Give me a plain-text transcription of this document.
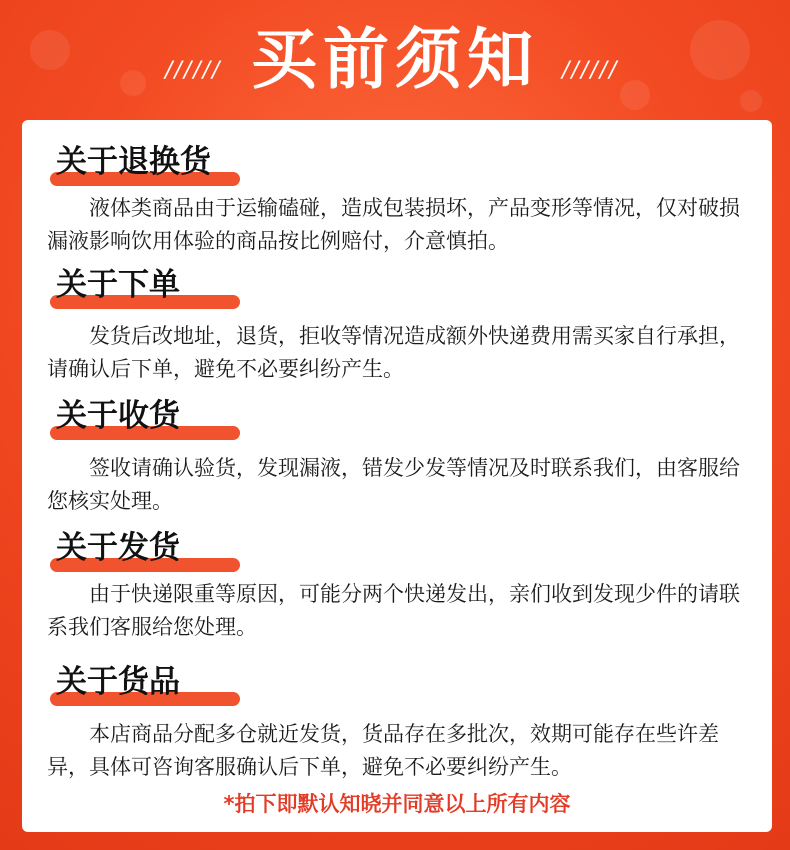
////// 买前须知	//////
关于退换货
液体类商品由于运输磕碰，造成包装损坏，产品变形等情况，仅对破损漏液影响饮用体验的商品按比例赔付，介意慎拍。
关于下单
发货后改地址，退货，拒收等情况造成额外快递费用需买家自行承担，请确认后下单，避免不必要纠纷产生。
关于收货
签收请确认验货，发现漏液，错发少发等情况及时联系我们，由客服给您核实处理。
关于发货
由于快递限重等原因，可能分两个快递发出，亲们收到发现少件的请联系我们客服给您处理。
关于货品
本店商品分配多仓就近发货，货品存在多批次，效期可能存在些许差异，具体可咨询客服确认后下单，避免不必要纠纷产生。
*拍下即默认知晓并同意以上所有内容
